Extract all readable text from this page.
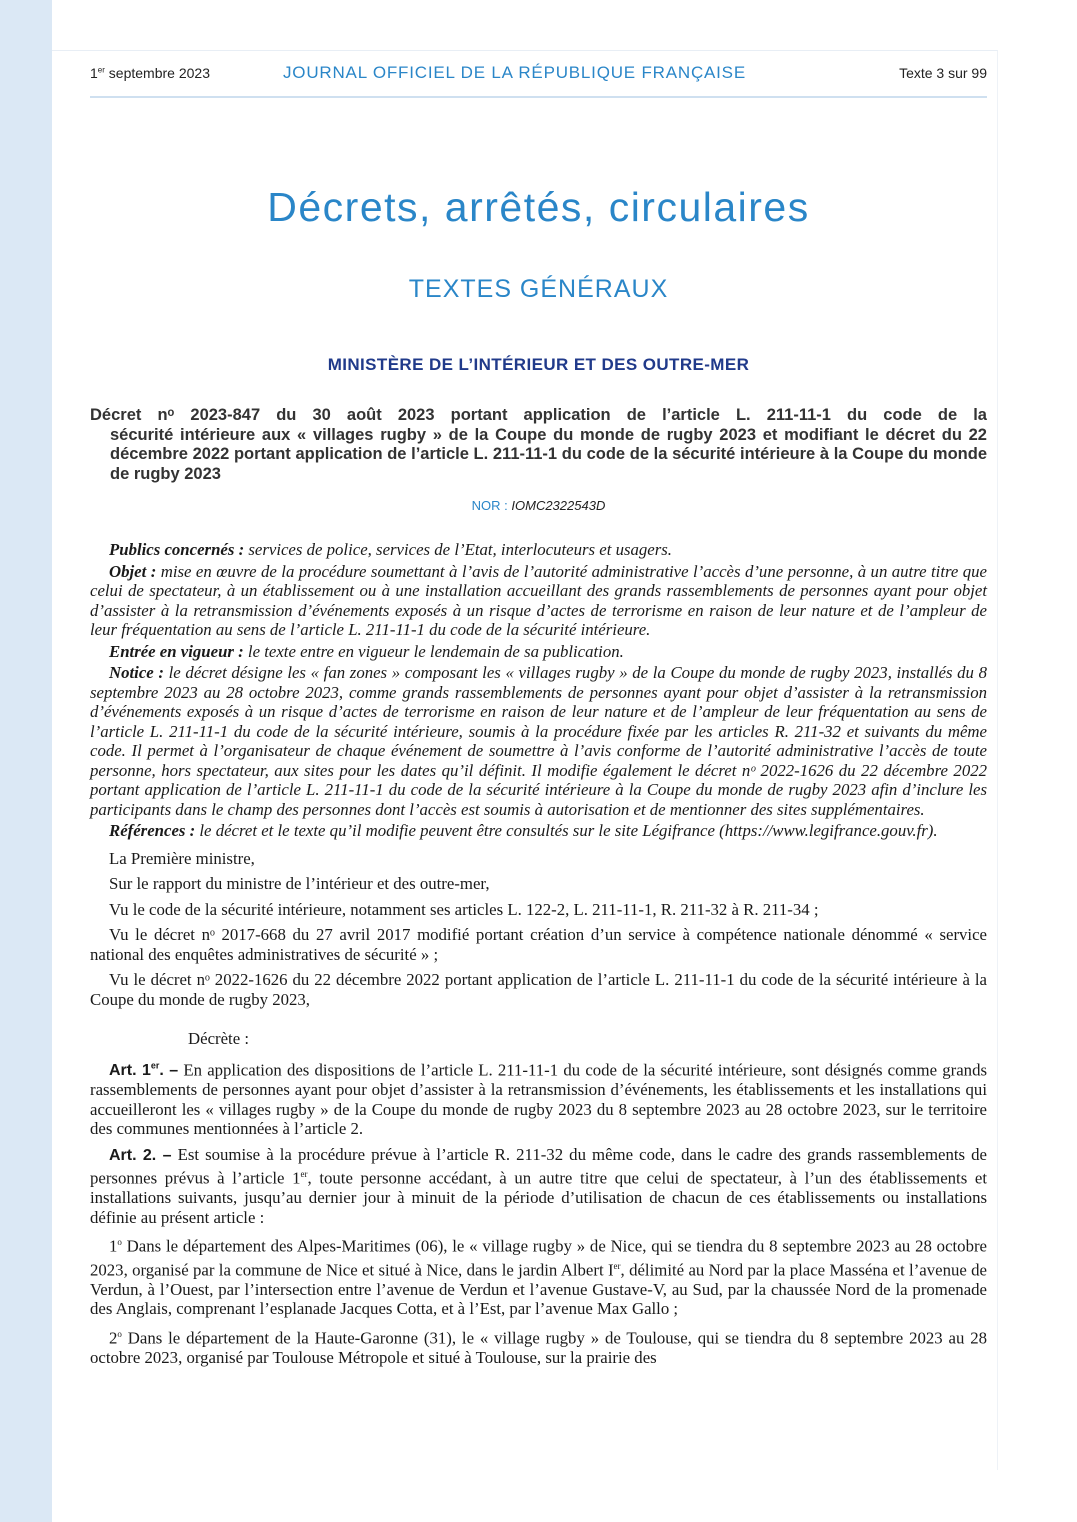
1er septembre 2023	JOURNAL OFFICIEL DE LA RÉPUBLIQUE FRANÇAISE	Texte 3 sur 99
Décrets, arrêtés, circulaires
TEXTES GÉNÉRAUX
MINISTÈRE DE L’INTÉRIEUR ET DES OUTRE-MER
Décret nᵒ 2023-847 du 30 août 2023 portant application de l’article L. 211-11-1 du code de la
sécurité intérieure aux « villages rugby » de la Coupe du monde de rugby 2023 et modifiant le décret du 22 décembre 2022 portant application de l’article L. 211-11-1 du code de la sécurité intérieure à la Coupe du monde de rugby 2023
NOR : IOMC2322543D

Publics concernés : services de police, services de l’Etat, interlocuteurs et usagers.

Objet : mise en œuvre de la procédure soumettant à l’avis de l’autorité administrative l’accès d’une personne, à un autre titre que celui de spectateur, à un établissement ou à une installation accueillant des grands rassemblements de personnes ayant pour objet d’assister à la retransmission d’événements exposés à un risque d’actes de terrorisme en raison de leur nature et de l’ampleur de leur fréquentation au sens de l’article L. 211-11-1 du code de la sécurité intérieure.

Entrée en vigueur : le texte entre en vigueur le lendemain de sa publication.

Notice : le décret désigne les « fan zones » composant les « villages rugby » de la Coupe du monde de rugby 2023, installés du 8 septembre 2023 au 28 octobre 2023, comme grands rassemblements de personnes ayant pour objet d’assister à la retransmission d’événements exposés à un risque d’actes de terrorisme en raison de leur nature et de l’ampleur de leur fréquentation au sens de l’article L. 211-11-1 du code de la sécurité intérieure, soumis à la procédure fixée par les articles R. 211-32 et suivants du même code. Il permet à l’organisateur de chaque événement de soumettre à l’avis conforme de l’autorité administrative l’accès de toute personne, hors spectateur, aux sites pour les dates qu’il définit. Il modifie également le décret nᵒ 2022-1626 du 22 décembre 2022 portant application de l’article L. 211-11-1 du code de la sécurité intérieure à la Coupe du monde de rugby 2023 afin d’inclure les participants dans le champ des personnes dont l’accès est soumis à autorisation et de mentionner des sites supplémentaires.

Références : le décret et le texte qu’il modifie peuvent être consultés sur le site Légifrance (https://www.legifrance.gouv.fr).

La Première ministre,

Sur le rapport du ministre de l’intérieur et des outre-mer,

Vu le code de la sécurité intérieure, notamment ses articles L. 122-2, L. 211-11-1, R. 211-32 à R. 211-34 ;

Vu le décret nᵒ 2017-668 du 27 avril 2017 modifié portant création d’un service à compétence nationale dénommé « service national des enquêtes administratives de sécurité » ;

Vu le décret nᵒ 2022-1626 du 22 décembre 2022 portant application de l’article L. 211-11-1 du code de la sécurité intérieure à la Coupe du monde de rugby 2023,

Décrète :

Art. 1er. – En application des dispositions de l’article L. 211-11-1 du code de la sécurité intérieure, sont désignés comme grands rassemblements de personnes ayant pour objet d’assister à la retransmission d’événements, les établissements et les installations qui accueilleront les « villages rugby » de la Coupe du monde de rugby 2023 du 8 septembre 2023 au 28 octobre 2023, sur le territoire des communes mentionnées à l’article 2.

Art. 2. – Est soumise à la procédure prévue à l’article R. 211-32 du même code, dans le cadre des grands rassemblements de personnes prévus à l’article 1er, toute personne accédant, à un autre titre que celui de spectateur, à l’un des établissements et installations suivants, jusqu’au dernier jour à minuit de la période d’utilisation de chacun de ces établissements ou installations définie au présent article :

1$^o$ Dans le département des Alpes-Maritimes (06), le « village rugby » de Nice, qui se tiendra du 8 septembre 2023 au 28 octobre 2023, organisé par la commune de Nice et situé à Nice, dans le jardin Albert Ier, délimité au Nord par la place Masséna et l’avenue de Verdun, à l’Ouest, par l’intersection entre l’avenue de Verdun et l’avenue Gustave-V, au Sud, par la chaussée Nord de la promenade des Anglais, comprenant l’esplanade Jacques Cotta, et à l’Est, par l’avenue Max Gallo ;

2$^o$ Dans le département de la Haute-Garonne (31), le « village rugby » de Toulouse, qui se tiendra du 8 septembre 2023 au 28 octobre 2023, organisé par Toulouse Métropole et situé à Toulouse, sur la prairie des
